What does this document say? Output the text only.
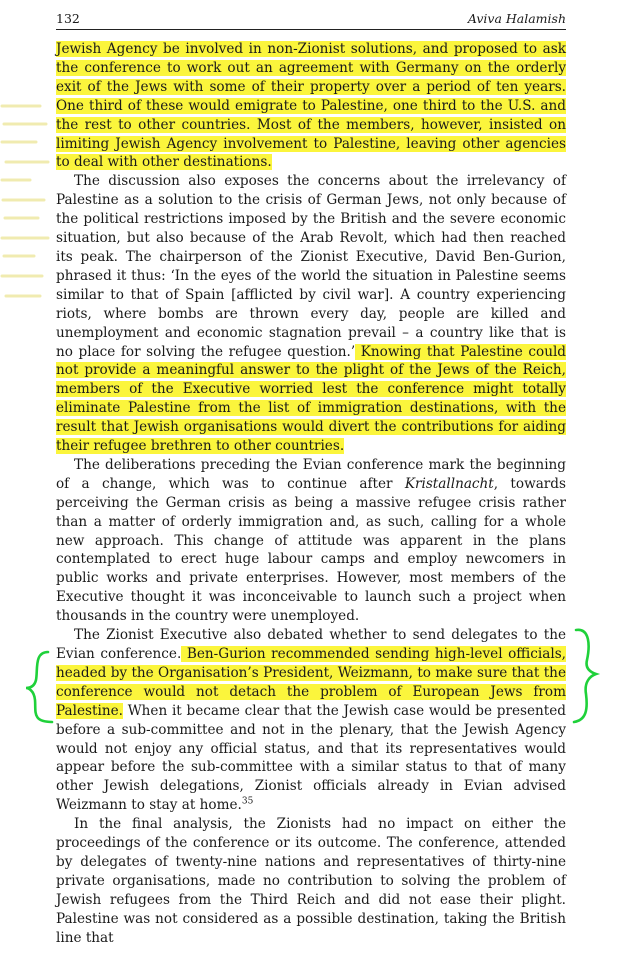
132	Aviva Halamish

Jewish Agency be involved in non-Zionist solutions, and proposed to ask the conference to work out an agreement with Germany on the orderly exit of the Jews with some of their property over a period of ten years. One third of these would emigrate to Palestine, one third to the U.S. and the rest to other countries. Most of the members, however, insisted on limiting Jewish Agency involvement to Palestine, leaving other agencies to deal with other destinations.

The discussion also exposes the concerns about the irrelevancy of Palestine as a solution to the crisis of German Jews, not only because of the political restrictions imposed by the British and the severe economic situation, but also because of the Arab Revolt, which had then reached its peak. The chairperson of the Zionist Executive, David Ben-Gurion, phrased it thus: ‘In the eyes of the world the situation in Palestine seems similar to that of Spain [afflicted by civil war]. A country experiencing riots, where bombs are thrown every day, people are killed and unemployment and economic stagnation prevail – a country like that is no place for solving the refugee question.’ Knowing that Palestine could not provide a meaningful answer to the plight of the Jews of the Reich, members of the Executive worried lest the conference might totally eliminate Palestine from the list of immigration destinations, with the result that Jewish organisations would divert the contributions for aiding their refugee brethren to other countries.

The deliberations preceding the Evian conference mark the beginning of a change, which was to continue after Kristallnacht, towards perceiving the German crisis as being a massive refugee crisis rather than a matter of orderly immigration and, as such, calling for a whole new approach. This change of attitude was apparent in the plans contemplated to erect huge labour camps and employ newcomers in public works and private enterprises. However, most members of the Executive thought it was inconceivable to launch such a project when thousands in the country were unemployed.

The Zionist Executive also debated whether to send delegates to the Evian conference. Ben-Gurion recommended sending high-level officials, headed by the Organisation’s President, Weizmann, to make sure that the conference would not detach the problem of European Jews from Palestine. When it became clear that the Jewish case would be presented before a sub-committee and not in the plenary, that the Jewish Agency would not enjoy any official status, and that its representatives would appear before the sub-committee with a similar status to that of many other Jewish delegations, Zionist officials already in Evian advised Weizmann to stay at home.$^{35}$

In the final analysis, the Zionists had no impact on either the proceedings of the conference or its outcome. The conference, attended by delegates of twenty-nine nations and representatives of thirty-nine private organisations, made no contribution to solving the problem of Jewish refugees from the Third Reich and did not ease their plight. Palestine was not considered as a possible destination, taking the British line that
